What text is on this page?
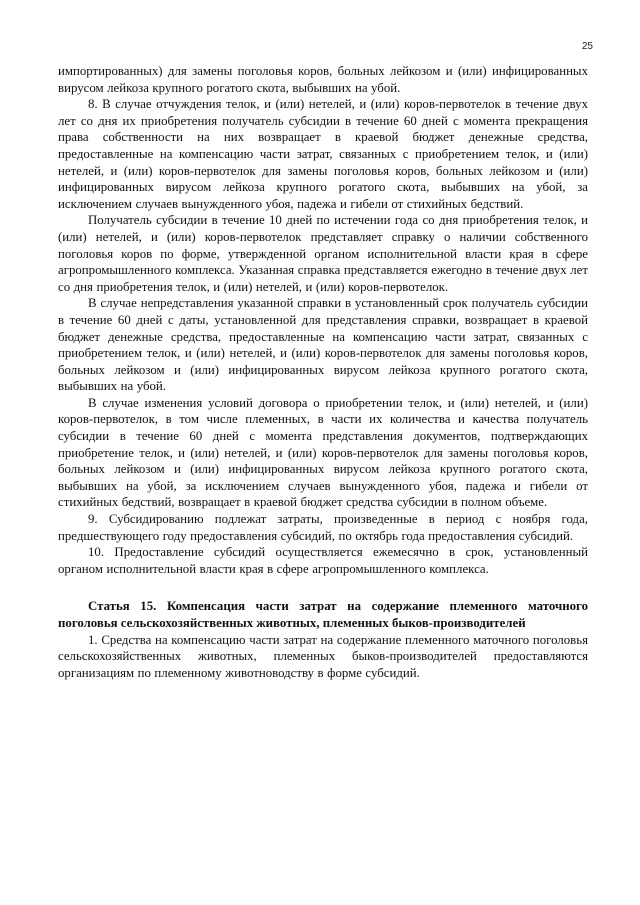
25

импортированных) для замены поголовья коров, больных лейкозом и (или) инфицированных вирусом лейкоза крупного рогатого скота, выбывших на убой.

8. В случае отчуждения телок, и (или) нетелей, и (или) коров-первотелок в течение двух лет со дня их приобретения получатель субсидии в течение 60 дней с момента прекращения права собственности на них возвращает в краевой бюджет денежные средства, предоставленные на компенсацию части затрат, связанных с приобретением телок, и (или) нетелей, и (или) коров-первотелок для замены поголовья коров, больных лейкозом и (или) инфицированных вирусом лейкоза крупного рогатого скота, выбывших на убой, за исключением случаев вынужденного убоя, падежа и гибели от стихийных бедствий.

Получатель субсидии в течение 10 дней по истечении года со дня приобретения телок, и (или) нетелей, и (или) коров-первотелок представляет справку о наличии собственного поголовья коров по форме, утвержденной органом исполнительной власти края в сфере агропромышленного комплекса. Указанная справка представляется ежегодно в течение двух лет со дня приобретения телок, и (или) нетелей, и (или) коров-первотелок.

В случае непредставления указанной справки в установленный срок получатель субсидии в течение 60 дней с даты, установленной для представления справки, возвращает в краевой бюджет денежные средства, предоставленные на компенсацию части затрат, связанных с приобретением телок, и (или) нетелей, и (или) коров-первотелок для замены поголовья коров, больных лейкозом и (или) инфицированных вирусом лейкоза крупного рогатого скота, выбывших на убой.

В случае изменения условий договора о приобретении телок, и (или) нетелей, и (или) коров-первотелок, в том числе племенных, в части их количества и качества получатель субсидии в течение 60 дней с момента представления документов, подтверждающих приобретение телок, и (или) нетелей, и (или) коров-первотелок для замены поголовья коров, больных лейкозом и (или) инфицированных вирусом лейкоза крупного рогатого скота, выбывших на убой, за исключением случаев вынужденного убоя, падежа и гибели от стихийных бедствий, возвращает в краевой бюджет средства субсидии в полном объеме.

9. Субсидированию подлежат затраты, произведенные в период с ноября года, предшествующего году предоставления субсидий, по октябрь года предоставления субсидий.

10. Предоставление субсидий осуществляется ежемесячно в срок, установленный органом исполнительной власти края в сфере агропромышленного комплекса.

Статья 15. Компенсация части затрат на содержание племенного маточного поголовья сельскохозяйственных животных, племенных быков-производителей

1. Средства на компенсацию части затрат на содержание племенного маточного поголовья сельскохозяйственных животных, племенных быков-производителей предоставляются организациям по племенному животноводству в форме субсидий.
